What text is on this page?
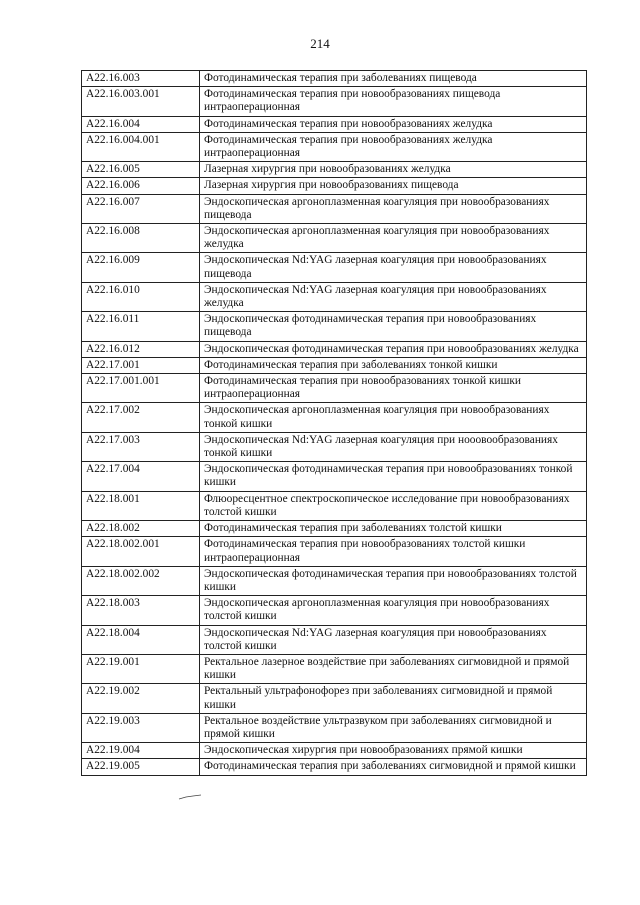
214
A22.16.003	Фотодинамическая терапия при заболеваниях пищевода
A22.16.003.001	Фотодинамическая терапия при новообразованиях пищевода интраоперационная
A22.16.004	Фотодинамическая терапия при новообразованиях желудка
A22.16.004.001	Фотодинамическая терапия при новообразованиях желудка интраоперационная
A22.16.005	Лазерная хирургия при новообразованиях желудка
A22.16.006	Лазерная хирургия при новообразованиях пищевода
A22.16.007	Эндоскопическая аргоноплазменная коагуляция при новообразованиях пищевода
A22.16.008	Эндоскопическая аргоноплазменная коагуляция при новообразованиях желудка
A22.16.009	Эндоскопическая Nd:YAG лазерная коагуляция при новообразованиях пищевода
A22.16.010	Эндоскопическая Nd:YAG лазерная коагуляция при новообразованиях желудка
A22.16.011	Эндоскопическая фотодинамическая терапия при новообразованиях пищевода
A22.16.012	Эндоскопическая фотодинамическая терапия при новообразованиях желудка
A22.17.001	Фотодинамическая терапия при заболеваниях тонкой кишки
A22.17.001.001	Фотодинамическая терапия при новообразованиях тонкой кишки интраоперационная
A22.17.002	Эндоскопическая аргоноплазменная коагуляция при новообразованиях тонкой кишки
A22.17.003	Эндоскопическая Nd:YAG лазерная коагуляция при нооовообразованиях тонкой кишки
A22.17.004	Эндоскопическая фотодинамическая терапия при новообразованиях тонкой кишки
A22.18.001	Флюоресцентное спектроскопическое исследование при новообразованиях толстой кишки
A22.18.002	Фотодинамическая терапия при заболеваниях толстой кишки
A22.18.002.001	Фотодинамическая терапия при новообразованиях толстой кишки интраоперационная
A22.18.002.002	Эндоскопическая фотодинамическая терапия при новообразованиях толстой кишки
A22.18.003	Эндоскопическая аргоноплазменная коагуляция при новообразованиях толстой кишки
A22.18.004	Эндоскопическая Nd:YAG лазерная коагуляция при новообразованиях толстой кишки
A22.19.001	Ректальное лазерное воздействие при заболеваниях сигмовидной и прямой кишки
A22.19.002	Ректальный ультрафонофорез при заболеваниях сигмовидной и прямой кишки
A22.19.003	Ректальное воздействие ультразвуком при заболеваниях сигмовидной и прямой кишки
A22.19.004	Эндоскопическая хирургия при новообразованиях прямой кишки
A22.19.005	Фотодинамическая терапия при заболеваниях сигмовидной и прямой кишки
